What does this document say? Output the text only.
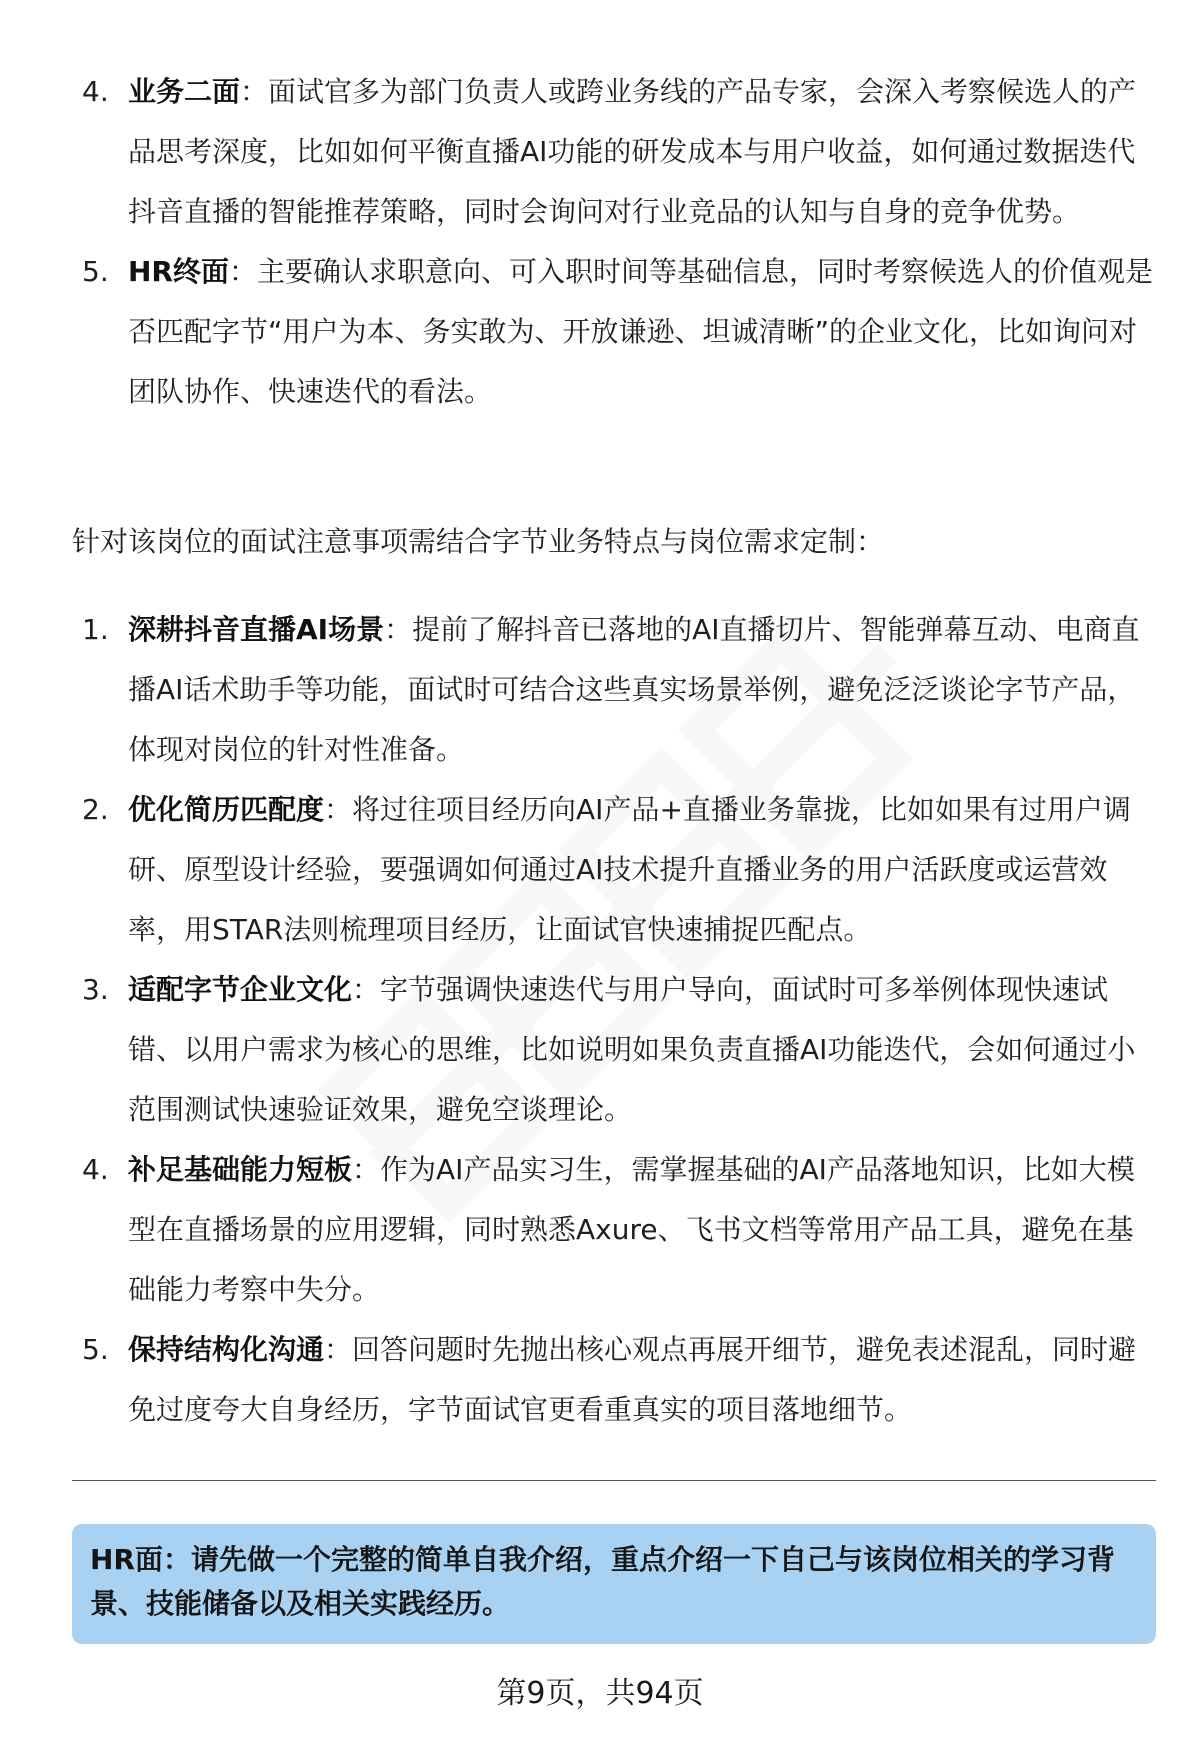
4. 业务二面：面试官多为部门负责人或跨业务线的产品专家，会深入考察候选人的产品思考深度，比如如何平衡直播AI功能的研发成本与用户收益，如何通过数据迭代抖音直播的智能推荐策略，同时会询问对行业竞品的认知与自身的竞争优势。
5. HR终面：主要确认求职意向、可入职时间等基础信息，同时考察候选人的价值观是否匹配字节“用户为本、务实敢为、开放谦逊、坦诚清晰”的企业文化，比如询问对团队协作、快速迭代的看法。
针对该岗位的面试注意事项需结合字节业务特点与岗位需求定制：
1. 深耕抖音直播AI场景：提前了解抖音已落地的AI直播切片、智能弹幕互动、电商直播AI话术助手等功能，面试时可结合这些真实场景举例，避免泛泛谈论字节产品，体现对岗位的针对性准备。
2. 优化简历匹配度：将过往项目经历向AI产品+直播业务靠拢，比如如果有过用户调研、原型设计经验，要强调如何通过AI技术提升直播业务的用户活跃度或运营效率，用STAR法则梳理项目经历，让面试官快速捕捉匹配点。
3. 适配字节企业文化：字节强调快速迭代与用户导向，面试时可多举例体现快速试错、以用户需求为核心的思维，比如说明如果负责直播AI功能迭代，会如何通过小范围测试快速验证效果，避免空谈理论。
4. 补足基础能力短板：作为AI产品实习生，需掌握基础的AI产品落地知识，比如大模型在直播场景的应用逻辑，同时熟悉Axure、飞书文档等常用产品工具，避免在基础能力考察中失分。
5. 保持结构化沟通：回答问题时先抛出核心观点再展开细节，避免表述混乱，同时避免过度夸大自身经历，字节面试官更看重真实的项目落地细节。
HR面：请先做一个完整的简单自我介绍，重点介绍一下自己与该岗位相关的学习背景、技能储备以及相关实践经历。
第9页，共94页
